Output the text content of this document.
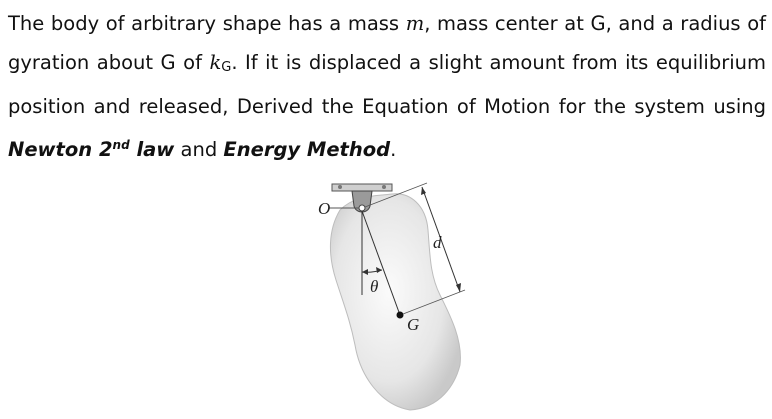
The body of arbitrary shape has a mass m, mass center at G, and a radius of
gyration about G of kG. If it is displaced a slight amount from its equilibrium
position and released, Derived the Equation of Motion for the system using
Newton 2nd law and Energy Method.
O
d
θ
G
